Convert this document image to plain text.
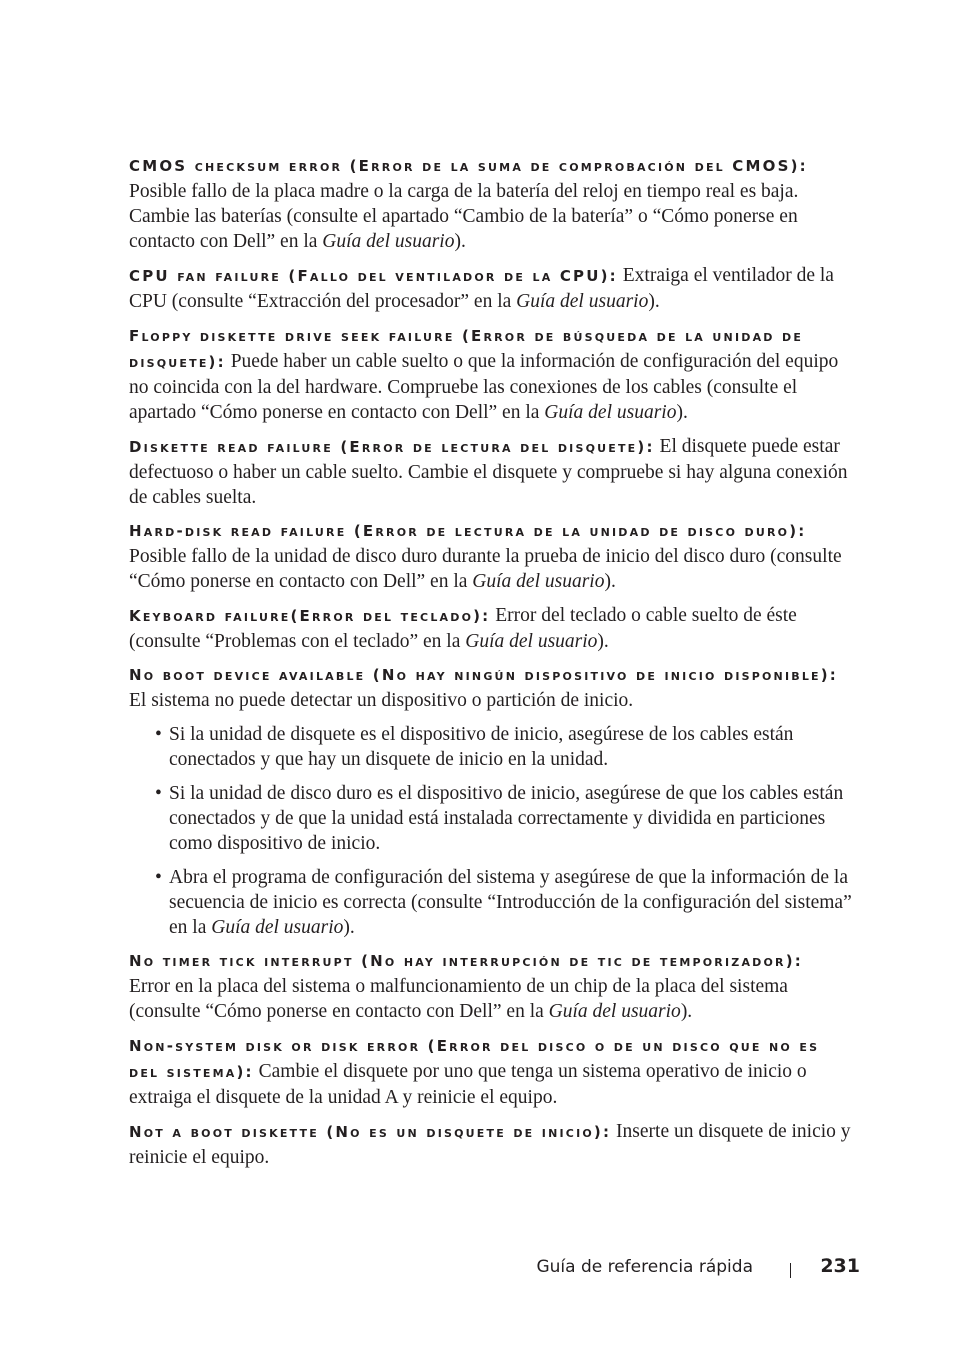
CMOS checksum error (Error de la suma de comprobación del CMOS):
Posible fallo de la placa madre o la carga de la batería del reloj en tiempo real es baja. Cambie las baterías (consulte el apartado “Cambio de la batería” o “Cómo ponerse en contacto con Dell” en la Guía del usuario).

CPU fan failure (Fallo del ventilador de la CPU): Extraiga el ventilador de la CPU (consulte “Extracción del procesador” en la Guía del usuario).

Floppy diskette drive seek failure (Error de búsqueda de la unidad de disquete): Puede haber un cable suelto o que la información de configuración del equipo no coincida con la del hardware. Compruebe las conexiones de los cables (consulte el apartado “Cómo ponerse en contacto con Dell” en la Guía del usuario).

Diskette read failure (Error de lectura del disquete): El disquete puede estar defectuoso o haber un cable suelto. Cambie el disquete y compruebe si hay alguna conexión de cables suelta.

Hard-disk read failure (Error de lectura de la unidad de disco duro):
Posible fallo de la unidad de disco duro durante la prueba de inicio del disco duro (consulte “Cómo ponerse en contacto con Dell” en la Guía del usuario).

Keyboard failure(Error del teclado): Error del teclado o cable suelto de éste (consulte “Problemas con el teclado” en la Guía del usuario).

No boot device available (No hay ningún dispositivo de inicio disponible):
El sistema no puede detectar un dispositivo o partición de inicio.

• Si la unidad de disquete es el dispositivo de inicio, asegúrese de los cables están conectados y que hay un disquete de inicio en la unidad.
• Si la unidad de disco duro es el dispositivo de inicio, asegúrese de que los cables están conectados y de que la unidad está instalada correctamente y dividida en particiones como dispositivo de inicio.
• Abra el programa de configuración del sistema y asegúrese de que la información de la secuencia de inicio es correcta (consulte “Introducción de la configuración del sistema” en la Guía del usuario).

No timer tick interrupt (No hay interrupción de tic de temporizador):
Error en la placa del sistema o malfuncionamiento de un chip de la placa del sistema (consulte “Cómo ponerse en contacto con Dell” en la Guía del usuario).

Non-system disk or disk error (Error del disco o de un disco que no es del sistema): Cambie el disquete por uno que tenga un sistema operativo de inicio o extraiga el disquete de la unidad A y reinicie el equipo.

Not a boot diskette (No es un disquete de inicio): Inserte un disquete de inicio y reinicie el equipo.

Guía de referencia rápida	231
